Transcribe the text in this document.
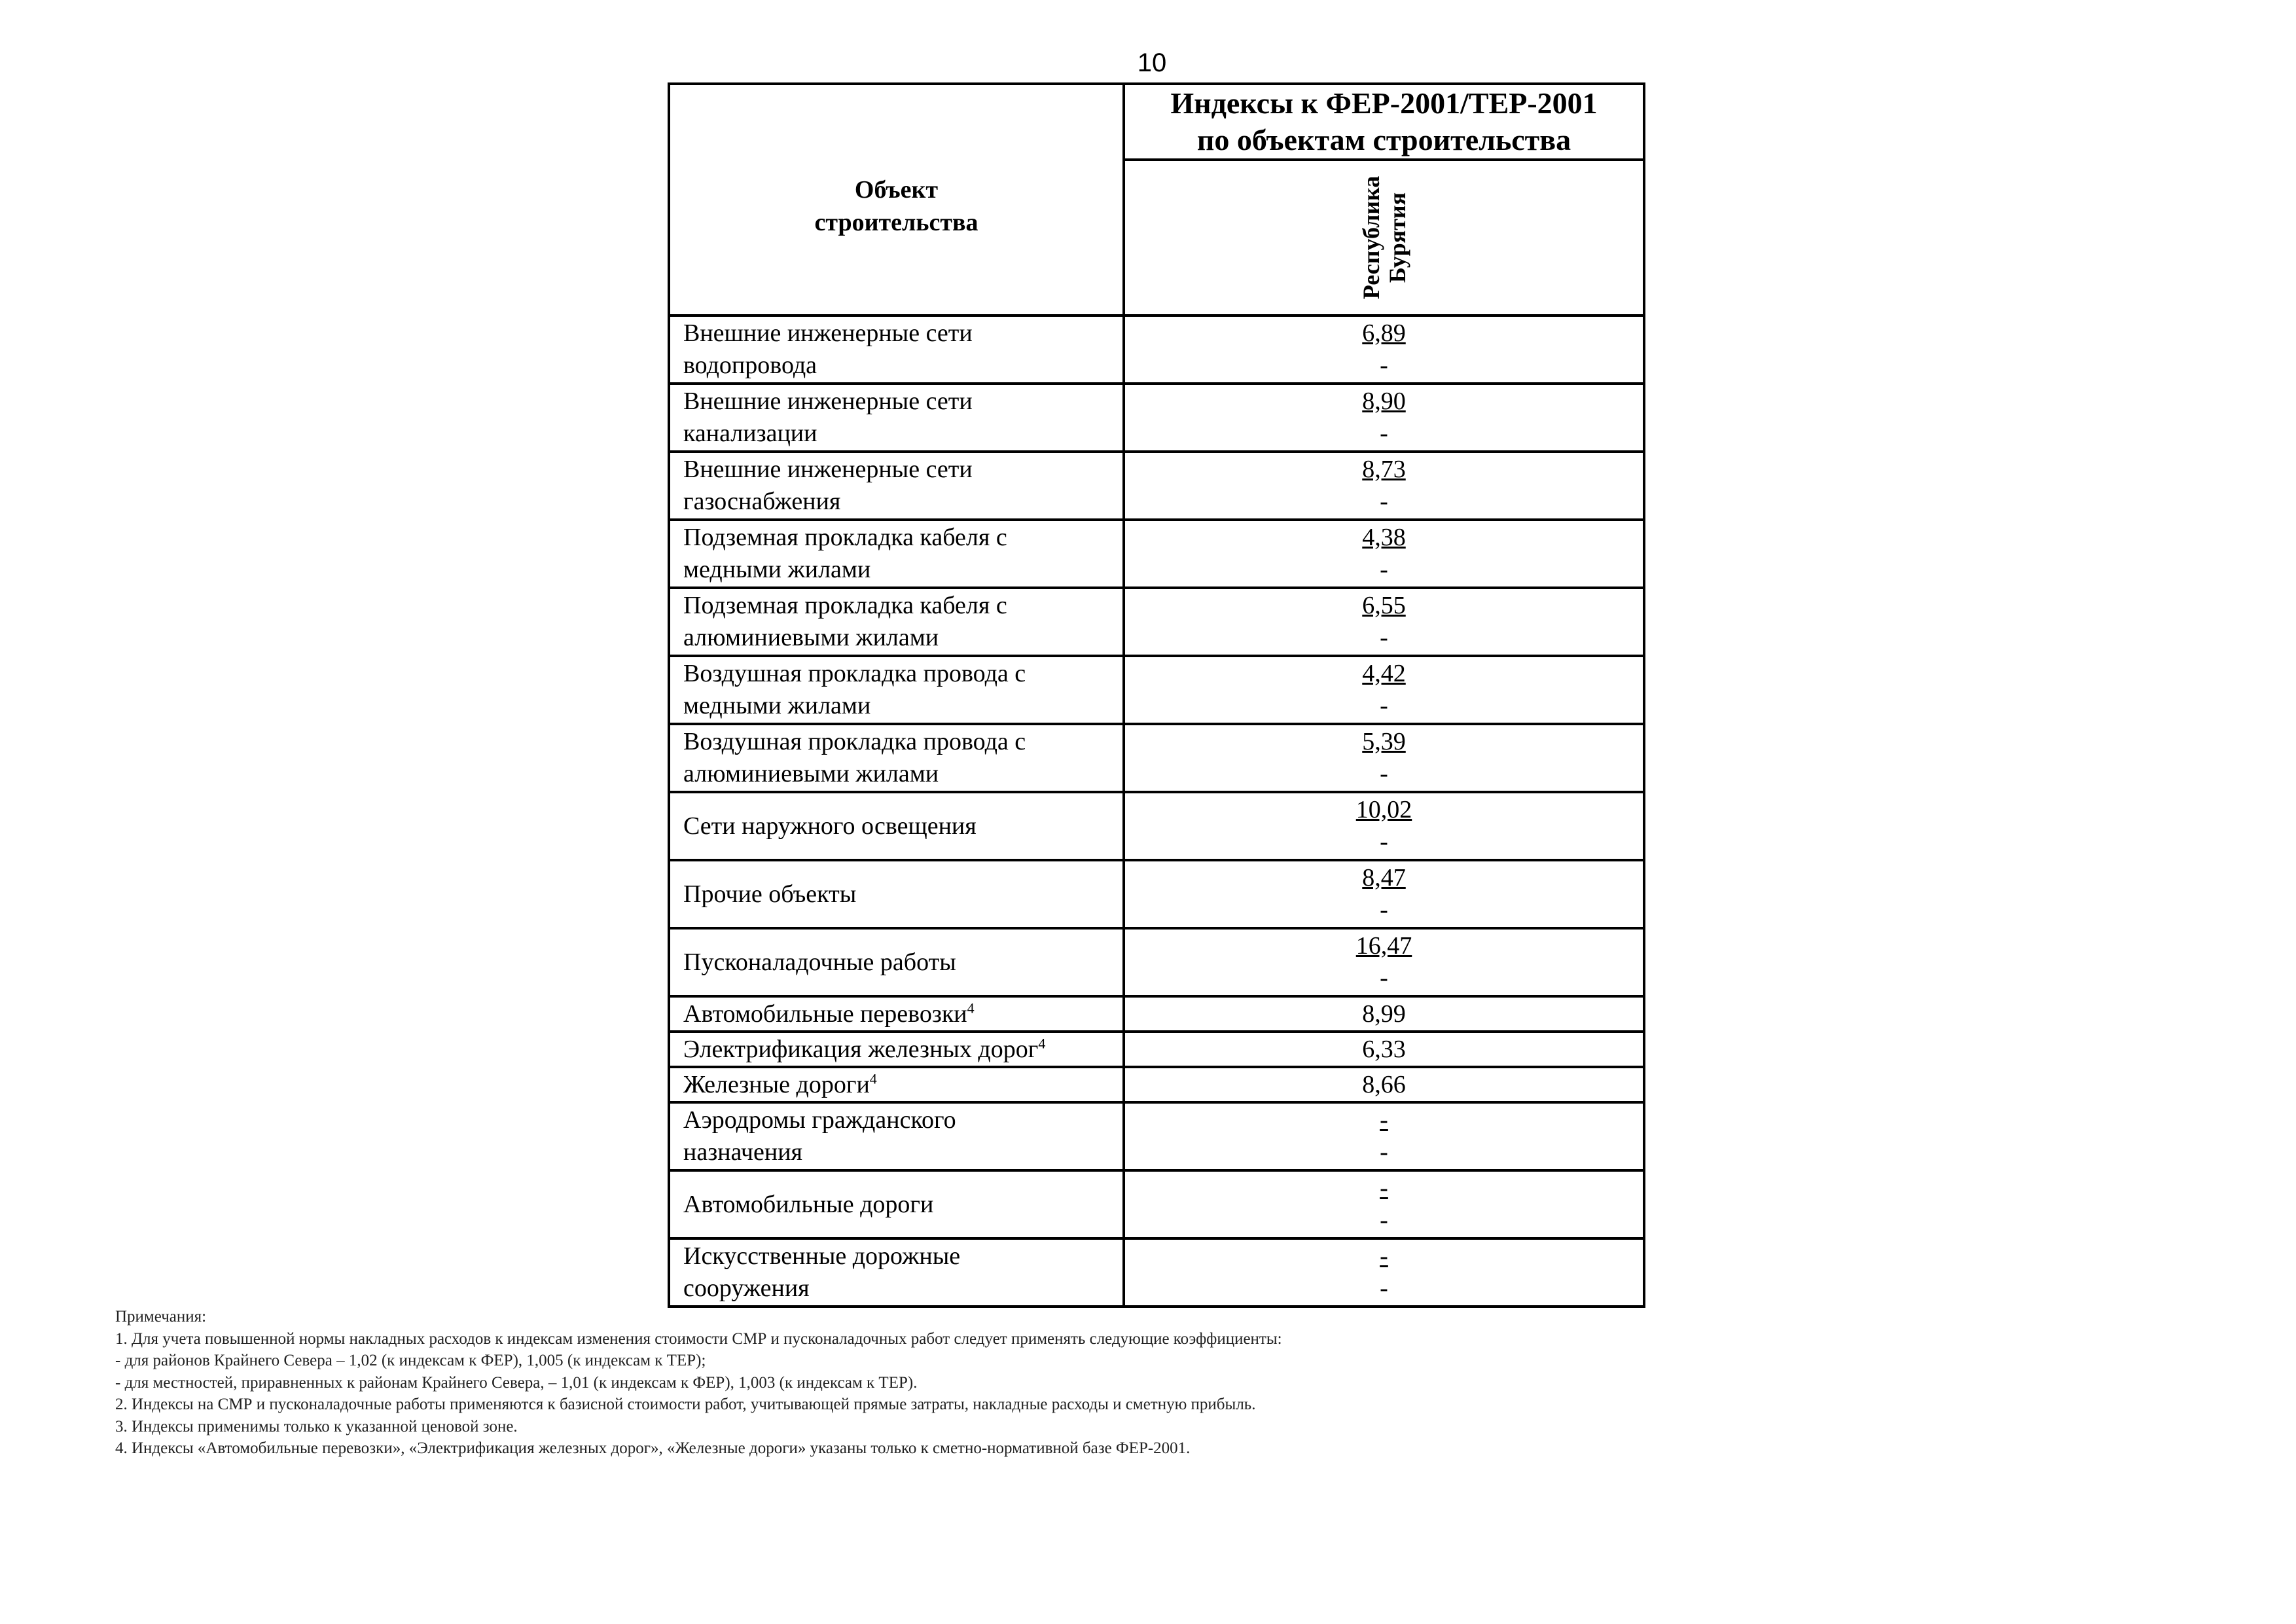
10
Объект
строительства	Индексы к ФЕР-2001/ТЕР-2001
по объектам строительства

	Республика
Бурятия

Внешние инженерные сети
водопровода	6,89
-
Внешние инженерные сети
канализации	8,90
-
Внешние инженерные сети
газоснабжения	8,73
-
Подземная прокладка кабеля с
медными жилами	4,38
-
Подземная прокладка кабеля с
алюминиевыми жилами	6,55
-
Воздушная прокладка провода с
медными жилами	4,42
-
Воздушная прокладка провода с
алюминиевыми жилами	5,39
-
Сети наружного освещения	10,02
-
Прочие объекты	8,47
-
Пусконаладочные работы	16,47
-
Автомобильные перевозки$^4$	8,99
Электрификация железных дорог$^4$	6,33
Железные дороги$^4$	8,66
Аэродромы гражданского
назначения	-
-
Автомобильные дороги	-
-
Искусственные дорожные
сооружения	-
-
Примечания:
1. Для учета повышенной нормы накладных расходов к индексам изменения стоимости СМР и пусконаладочных работ следует применять следующие коэффициенты:
- для районов Крайнего Севера – 1,02 (к индексам к ФЕР), 1,005 (к индексам к ТЕР);
- для местностей, приравненных к районам Крайнего Севера, – 1,01 (к индексам к ФЕР), 1,003 (к индексам к ТЕР).
2. Индексы на СМР и пусконаладочные работы применяются к базисной стоимости работ, учитывающей прямые затраты, накладные расходы и сметную прибыль.
3. Индексы применимы только к указанной ценовой зоне.
4. Индексы «Автомобильные перевозки», «Электрификация железных дорог», «Железные дороги» указаны только к сметно-нормативной базе ФЕР-2001.
